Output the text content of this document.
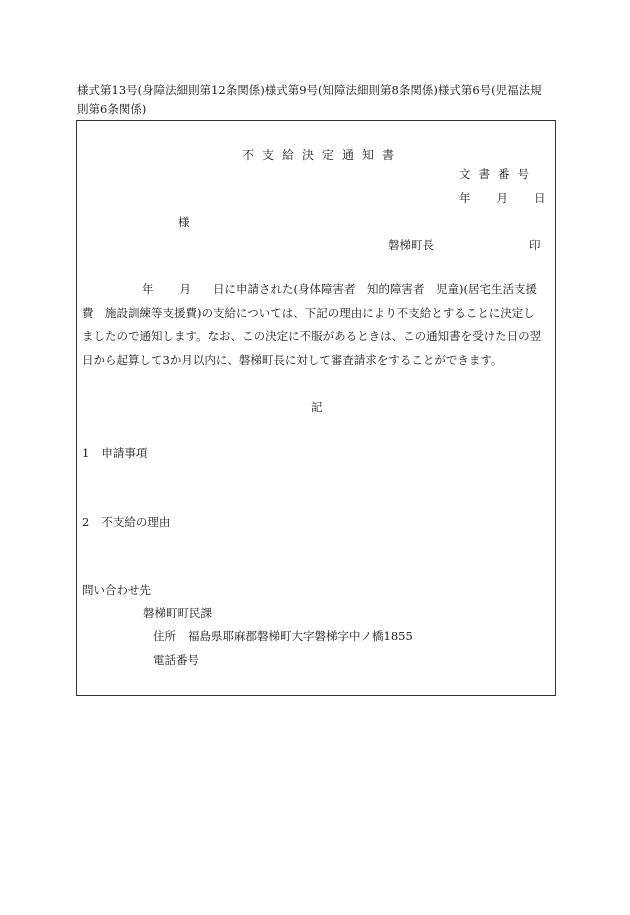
様式第13号(身障法細則第12条関係)様式第9号(知障法細則第8条関係)様式第6号(児福法規
則第6条関係)
不支給決定通知書
文書番号
年 月 日
様
磐梯町長	印
年 月 日に申請された(身体障害者　知的障害者　児童)(居宅生活支援
費　施設訓練等支援費)の支給については、下記の理由により不支給とすることに決定し
ましたので通知します。なお、この決定に不服があるときは、この通知書を受けた日の翌
日から起算して3か月以内に、磐梯町長に対して審査請求をすることができます。
記
1 申請事項
2 不支給の理由
問い合わせ先
磐梯町町民課
住所 福島県耶麻郡磐梯町大字磐梯字中ノ橋1855
電話番号
